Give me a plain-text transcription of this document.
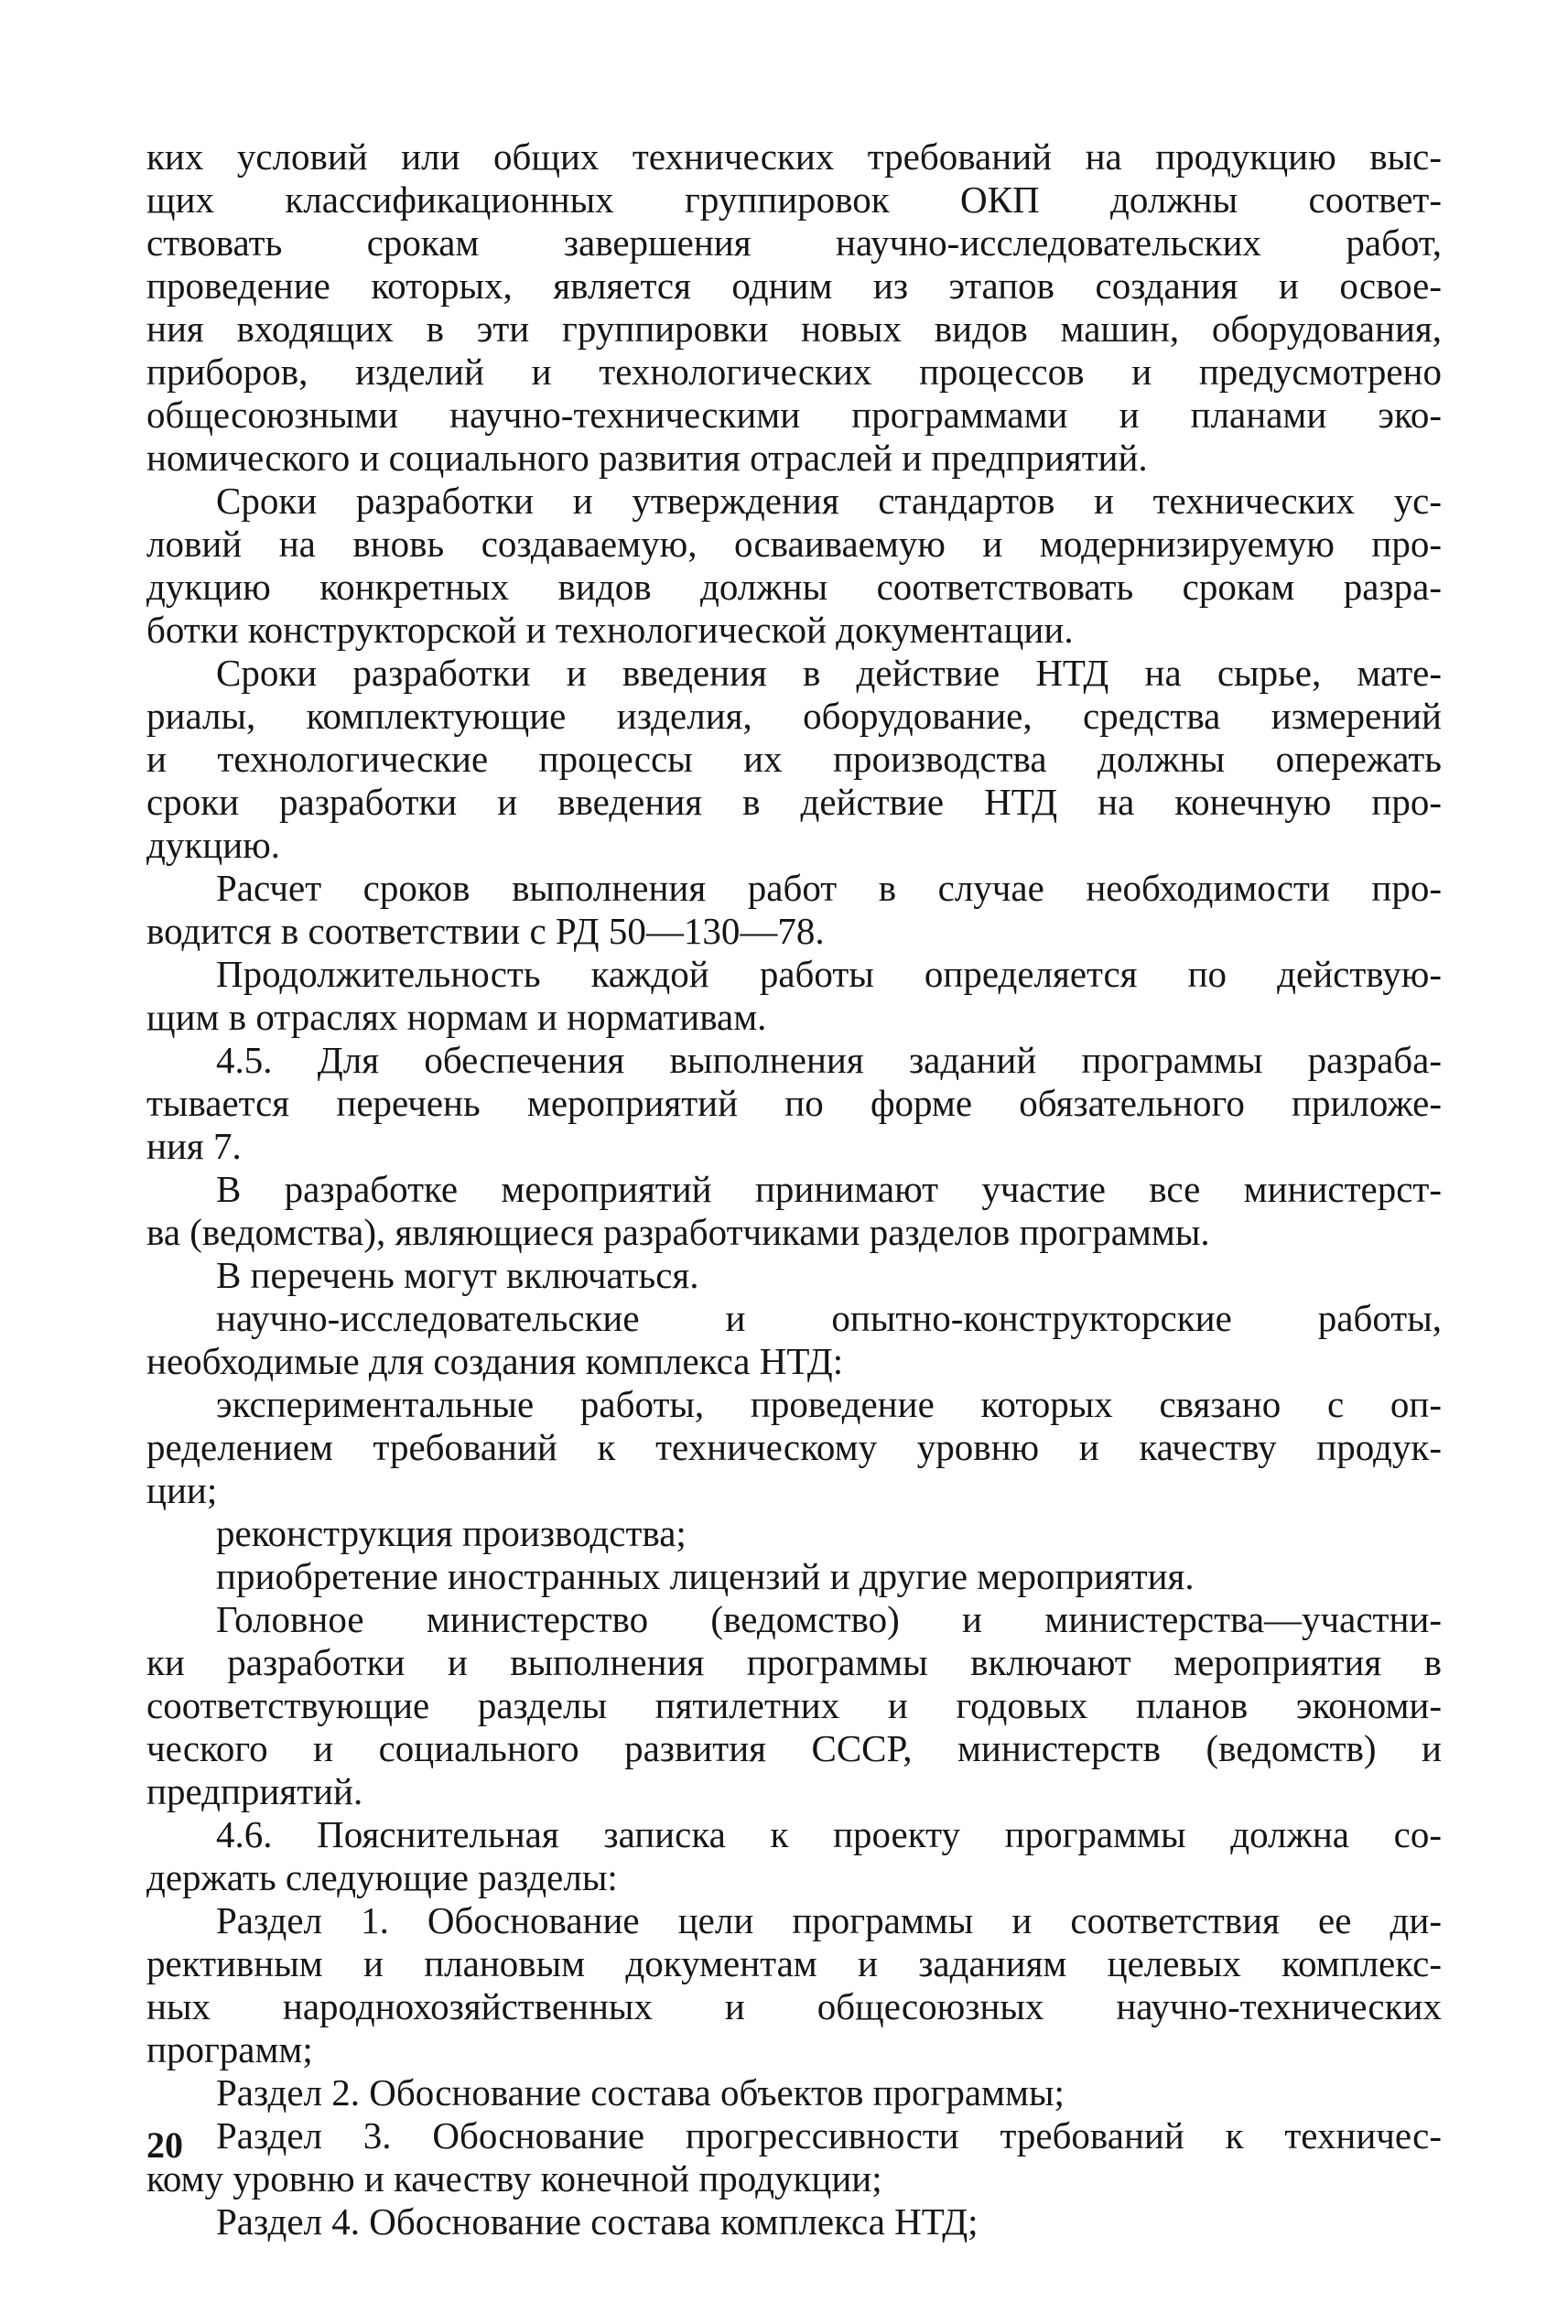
ких условий или общих технических требований на продукцию выс-
щих классификационных группировок ОКП должны соответ-
ствовать срокам завершения научно-исследовательских работ,
проведение которых, является одним из этапов создания и освое-
ния входящих в эти группировки новых видов машин, оборудования,
приборов, изделий и технологических процессов и предусмотрено
общесоюзными научно-техническими программами и планами эко-
номического и социального развития отраслей и предприятий.
Сроки разработки и утверждения стандартов и технических ус-
ловий на вновь создаваемую, осваиваемую и модернизируемую про-
дукцию конкретных видов должны соответствовать срокам разра-
ботки конструкторской и технологической документации.
Сроки разработки и введения в действие НТД на сырье, мате-
риалы, комплектующие изделия, оборудование, средства измерений
и технологические процессы их производства должны опережать
сроки разработки и введения в действие НТД на конечную про-
дукцию.
Расчет сроков выполнения работ в случае необходимости про-
водится в соответствии с РД 50—130—78.
Продолжительность каждой работы определяется по действую-
щим в отраслях нормам и нормативам.
4.5. Для обеспечения выполнения заданий программы разраба-
тывается перечень мероприятий по форме обязательного приложе-
ния 7.
В разработке мероприятий принимают участие все министерст-
ва (ведомства), являющиеся разработчиками разделов программы.
В перечень могут включаться.
научно-исследовательские и опытно-конструкторские работы,
необходимые для создания комплекса НТД:
экспериментальные работы, проведение которых связано с оп-
ределением требований к техническому уровню и качеству продук-
ции;
реконструкция производства;
приобретение иностранных лицензий и другие мероприятия.
Головное министерство (ведомство) и министерства—участни-
ки разработки и выполнения программы включают мероприятия в
соответствующие разделы пятилетних и годовых планов экономи-
ческого и социального развития СССР, министерств (ведомств) и
предприятий.
4.6. Пояснительная записка к проекту программы должна со-
держать следующие разделы:
Раздел 1. Обоснование цели программы и соответствия ее ди-
рективным и плановым документам и заданиям целевых комплекс-
ных народнохозяйственных и общесоюзных научно-технических
программ;
Раздел 2. Обоснование состава объектов программы;
Раздел 3. Обоснование прогрессивности требований к техничес-
кому уровню и качеству конечной продукции;
Раздел 4. Обоснование состава комплекса НТД;
20
